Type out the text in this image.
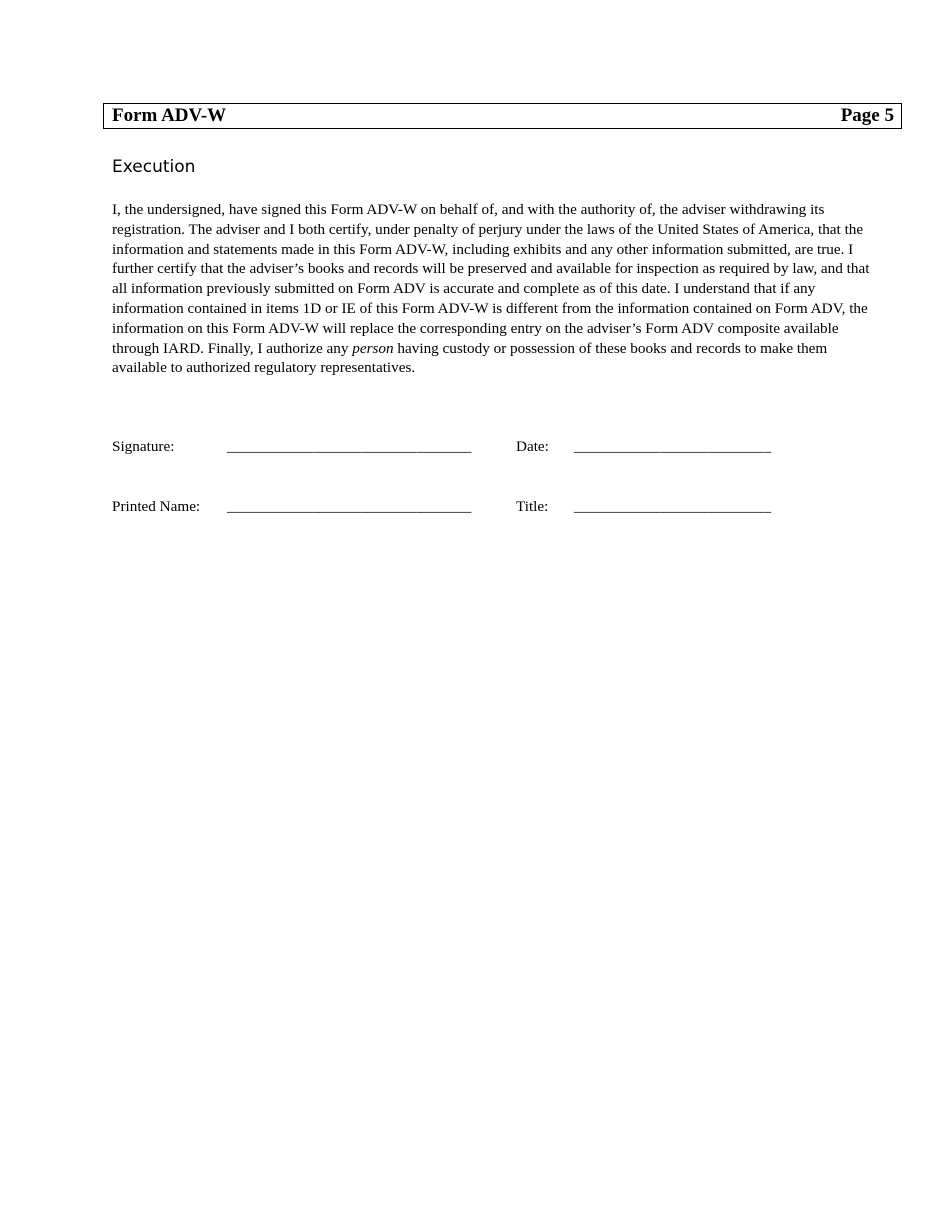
Form ADV-W	Page 5
Execution

I, the undersigned, have signed this Form ADV-W on behalf of, and with the authority of, the adviser withdrawing its registration. The adviser and I both certify, under penalty of perjury under the laws of the United States of America, that the information and statements made in this Form ADV-W, including exhibits and any other information submitted, are true. I further certify that the adviser’s books and records will be preserved and available for inspection as required by law, and that all information previously submitted on Form ADV is accurate and complete as of this date. I understand that if any information contained in items 1D or IE of this Form ADV-W is different from the information contained on Form ADV, the information on this Form ADV-W will replace the corresponding entry on the adviser’s Form ADV composite available through IARD. Finally, I authorize any person having custody or possession of these books and records to make them available to authorized regulatory representatives.

Signature:	_______________________________	Date: _________________________
Printed Name: _______________________________	Title: _________________________
